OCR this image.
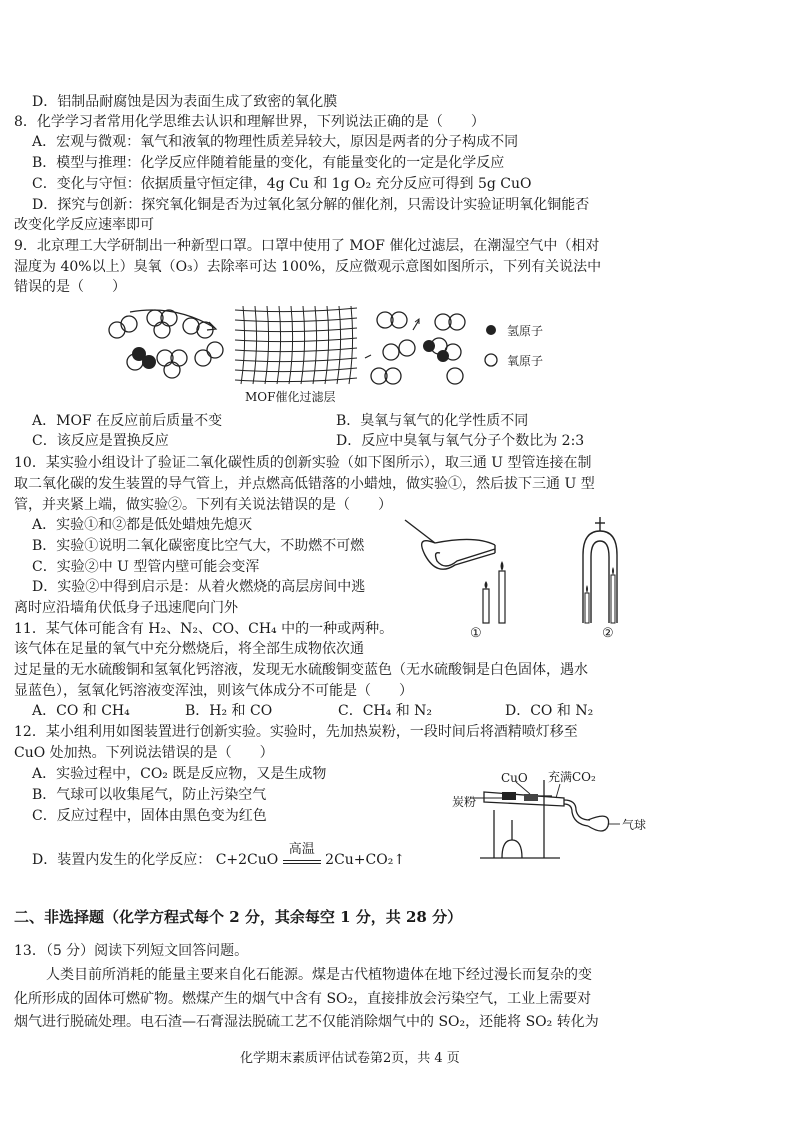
D．铝制品耐腐蚀是因为表面生成了致密的氧化膜
8．化学学习者常用化学思维去认识和理解世界，下列说法正确的是（　　）
A．宏观与微观：氧气和液氧的物理性质差异较大，原因是两者的分子构成不同
B．模型与推理：化学反应伴随着能量的变化，有能量变化的一定是化学反应
C．变化与守恒：依据质量守恒定律，4g Cu 和 1g O₂ 充分反应可得到 5g CuO
D．探究与创新：探究氧化铜是否为过氧化氢分解的催化剂，只需设计实验证明氧化铜能否
改变化学反应速率即可
9．北京理工大学研制出一种新型口罩。口罩中使用了 MOF 催化过滤层，在潮湿空气中（相对
湿度为 40%以上）臭氧（O₃）去除率可达 100%，反应微观示意图如图所示，下列有关说法中
错误的是（　　）
氢原子
氧原子
MOF催化过滤层
A．MOF 在反应前后质量不变	B．臭氧与氧气的化学性质不同
C．该反应是置换反应	D．反应中臭氧与氧气分子个数比为 2:3
10．某实验小组设计了验证二氧化碳性质的创新实验（如下图所示），取三通 U 型管连接在制
取二氧化碳的发生装置的导气管上，并点燃高低错落的小蜡烛，做实验①，然后拔下三通 U 型
管，并夹紧上端，做实验②。下列有关说法错误的是（　　）
A．实验①和②都是低处蜡烛先熄灭
B．实验①说明二氧化碳密度比空气大，不助燃不可燃
C．实验②中 U 型管内壁可能会变浑
D．实验②中得到启示是：从着火燃烧的高层房间中逃
离时应沿墙角伏低身子迅速爬向门外
①	②
11．某气体可能含有 H₂、N₂、CO、CH₄ 中的一种或两种。
该气体在足量的氧气中充分燃烧后，将全部生成物依次通
过足量的无水硫酸铜和氢氧化钙溶液，发现无水硫酸铜变蓝色（无水硫酸铜是白色固体，遇水
显蓝色），氢氧化钙溶液变浑浊，则该气体成分不可能是（　　）
A．CO 和 CH₄	B．H₂ 和 CO	C．CH₄ 和 N₂	D．CO 和 N₂
12．某小组利用如图装置进行创新实验。实验时，先加热炭粉，一段时间后将酒精喷灯移至
CuO 处加热。下列说法错误的是（　　）
A．实验过程中，CO₂ 既是反应物，又是生成物
B．气球可以收集尾气，防止污染空气
C．反应过程中，固体由黑色变为红色
D．装置内发生的化学反应： C+2CuO
高温
2Cu+CO₂↑
CuO 充满CO₂
炭粉
气球
二、非选择题（化学方程式每个 2 分，其余每空 1 分，共 28 分）
13．（5 分）阅读下列短文回答问题。
人类目前所消耗的能量主要来自化石能源。煤是古代植物遗体在地下经过漫长而复杂的变
化所形成的固体可燃矿物。燃煤产生的烟气中含有 SO₂，直接排放会污染空气，工业上需要对
烟气进行脱硫处理。电石渣—石膏湿法脱硫工艺不仅能消除烟气中的 SO₂，还能将 SO₂ 转化为
化学期末素质评估试卷第2页，共 4 页
